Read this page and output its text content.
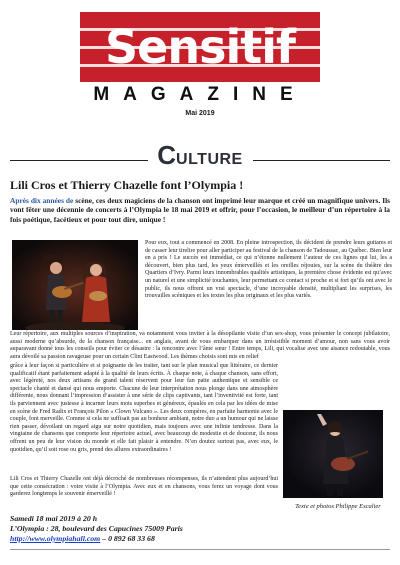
Sensitif
MAGAZINE
Mai 2019
CULTURE
Lili Cros et Thierry Chazelle font l’Olympia !
Après dix années de scène, ces deux magiciens de la chanson ont imprimé leur marque et créé un magnifique univers. Ils vont fêter une décennie de concerts à l’Olympia le 18 mai 2019 et offrir, pour l’occasion, le meilleur d’un répertoire à la fois poétique, facétieux et pour tout dire, unique !
Pour eux, tout a commencé en 2008. En pleine introspection, ils décident de prendre leurs guitares et de casser leur tirelire pour aller participer au festival de la chanson de Tadoussac, au Québec. Bien leur en a pris ! Le succès est immédiat, ce qui n’étonne nullement l’auteur de ces lignes qui lui, les a découvert, bien plus tard, les yeux émerveillés et les oreilles réjouies, sur la scène du théâtre des Quartiers d’Ivry. Parmi leurs innombrables qualités artistiques, la première chose évidente est qu’avec un naturel et une simplicité touchantes, leur permettant ce contact si proche et si fort qu’ils ont avec le public, ils nous offrent un vrai spectacle, d’une incroyable densité, multipliant les surprises, les trouvailles scéniques et les textes les plus originaux et les plus variés.
Leur répertoire, aux multiples sources d’inspiration, va notamment vous inviter à la désopilante visite d’un sex-shop, vous présenter le concept jubilatoire, aussi moderne qu’absurde, de la chanson française... en anglais, avant de vous embarquer dans un irrésistible moment d’amour, non sans vous avoir auparavant donné tous les conseils pour éviter ce désastre : la rencontre avec l’âme sœur ! Entre temps, Lili, qui vocalise avec une aisance redoutable, vous aura dévoilé sa passion ravageuse pour un certain Clint Eastwood. Les thèmes choisis sont mis en relief
grâce à leur façon si particulière et si poignante de les traiter, tant sur le plan musical que littéraire, ce dernier qualificatif étant parfaitement adapté à la qualité de leurs écrits. À chaque note, à chaque chanson, sans effort, avec légèreté, nos deux artisans de grand talent réservent pour leur fan patte authentique et sensible ce spectacle chanté et dansé qui nous emporte. Chacune de leur interprétation nous plonge dans une atmosphère différente, nous donnant l’impression d’assister à une série de clips captivants, tant l’inventivité est forte, tant ils parviennent avec justesse à incarner leurs mots superbes et généreux, épaulés en cela par les idées de mise en scène de Fred Radix et François Pilon « Clown Vulcano ». Les deux compères, en parfaite harmonie avec le couple, font merveille. Comme si cela ne suffisait pas au bonheur ambiant, notre duo a un humour qui ne laisse rien passer, dévoilant un regard aigu sur notre quotidien, mais toujours avec une infinie tendresse. Dans la vingtaine de chansons que comporte leur répertoire actuel, avec beaucoup de modestie et de douceur, ils nous offrent un peu de leur vision du monde et elle fait plaisir à entendre. N’en doutez surtout pas, avec eux, le quotidien, qu’il soit rose ou gris, prend des allures extraordinaires !
Texte et photos Philippe Escalier
Lili Cros et Thierry Chazelle ont déjà décroché de nombreuses récompenses, ils n’attendent plus aujourd’hui que cette consécration : votre visite à l’Olympia. Avec eux et en chansons, vous ferez un voyage dont vous garderez longtemps le souvenir émerveillé !
Samedi 18 mai 2019 à 20 h
L’Olympia : 28, boulevard des Capucines 75009 Paris
http://www.olympiahall.com – 0 892 68 33 68
